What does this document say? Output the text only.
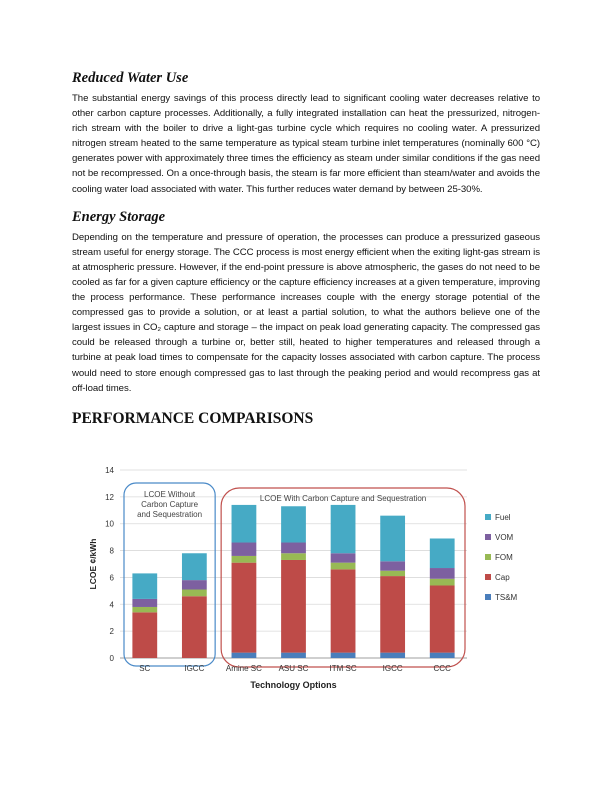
Reduced Water Use

The substantial energy savings of this process directly lead to significant cooling water decreases relative to other carbon capture processes. Additionally, a fully integrated installation can heat the pressurized, nitrogen-rich stream with the boiler to drive a light-gas turbine cycle which requires no cooling water. A pressurized nitrogen stream heated to the same temperature as typical steam turbine inlet temperatures (nominally 600 °C) generates power with approximately three times the efficiency as steam under similar conditions if the gas need not be recompressed. On a once-through basis, the steam is far more efficient than steam/water and avoids the cooling water load associated with water. This further reduces water demand by between 25-30%.

Energy Storage

Depending on the temperature and pressure of operation, the processes can produce a pressurized gaseous stream useful for energy storage. The CCC process is most energy efficient when the exiting light-gas stream is at atmospheric pressure. However, if the end-point pressure is above atmospheric, the gases do not need to be cooled as far for a given capture efficiency or the capture efficiency increases at a given temperature, improving the process performance. These performance increases couple with the energy storage potential of the compressed gas to provide a solution, or at least a partial solution, to what the authors believe one of the largest issues in CO₂ capture and storage – the impact on peak load generating capacity. The compressed gas could be released through a turbine or, better still, heated to higher temperatures and released through a turbine at peak load times to compensate for the capacity losses associated with carbon capture. The process would need to store enough compressed gas to last through the peaking period and would recompress gas at off-load times.

PERFORMANCE COMPARISONS
0
2
4
6
8
10
12
14
LCOE ¢/kWh
LCOE Without Carbon Capture and Sequestration
LCOE With Carbon Capture and Sequestration
SC	IGCC	Amine SC ASU SC	ITM SC	IGCC	CCC
Technology Options
Fuel
VOM
FOM
Cap
TS&M
